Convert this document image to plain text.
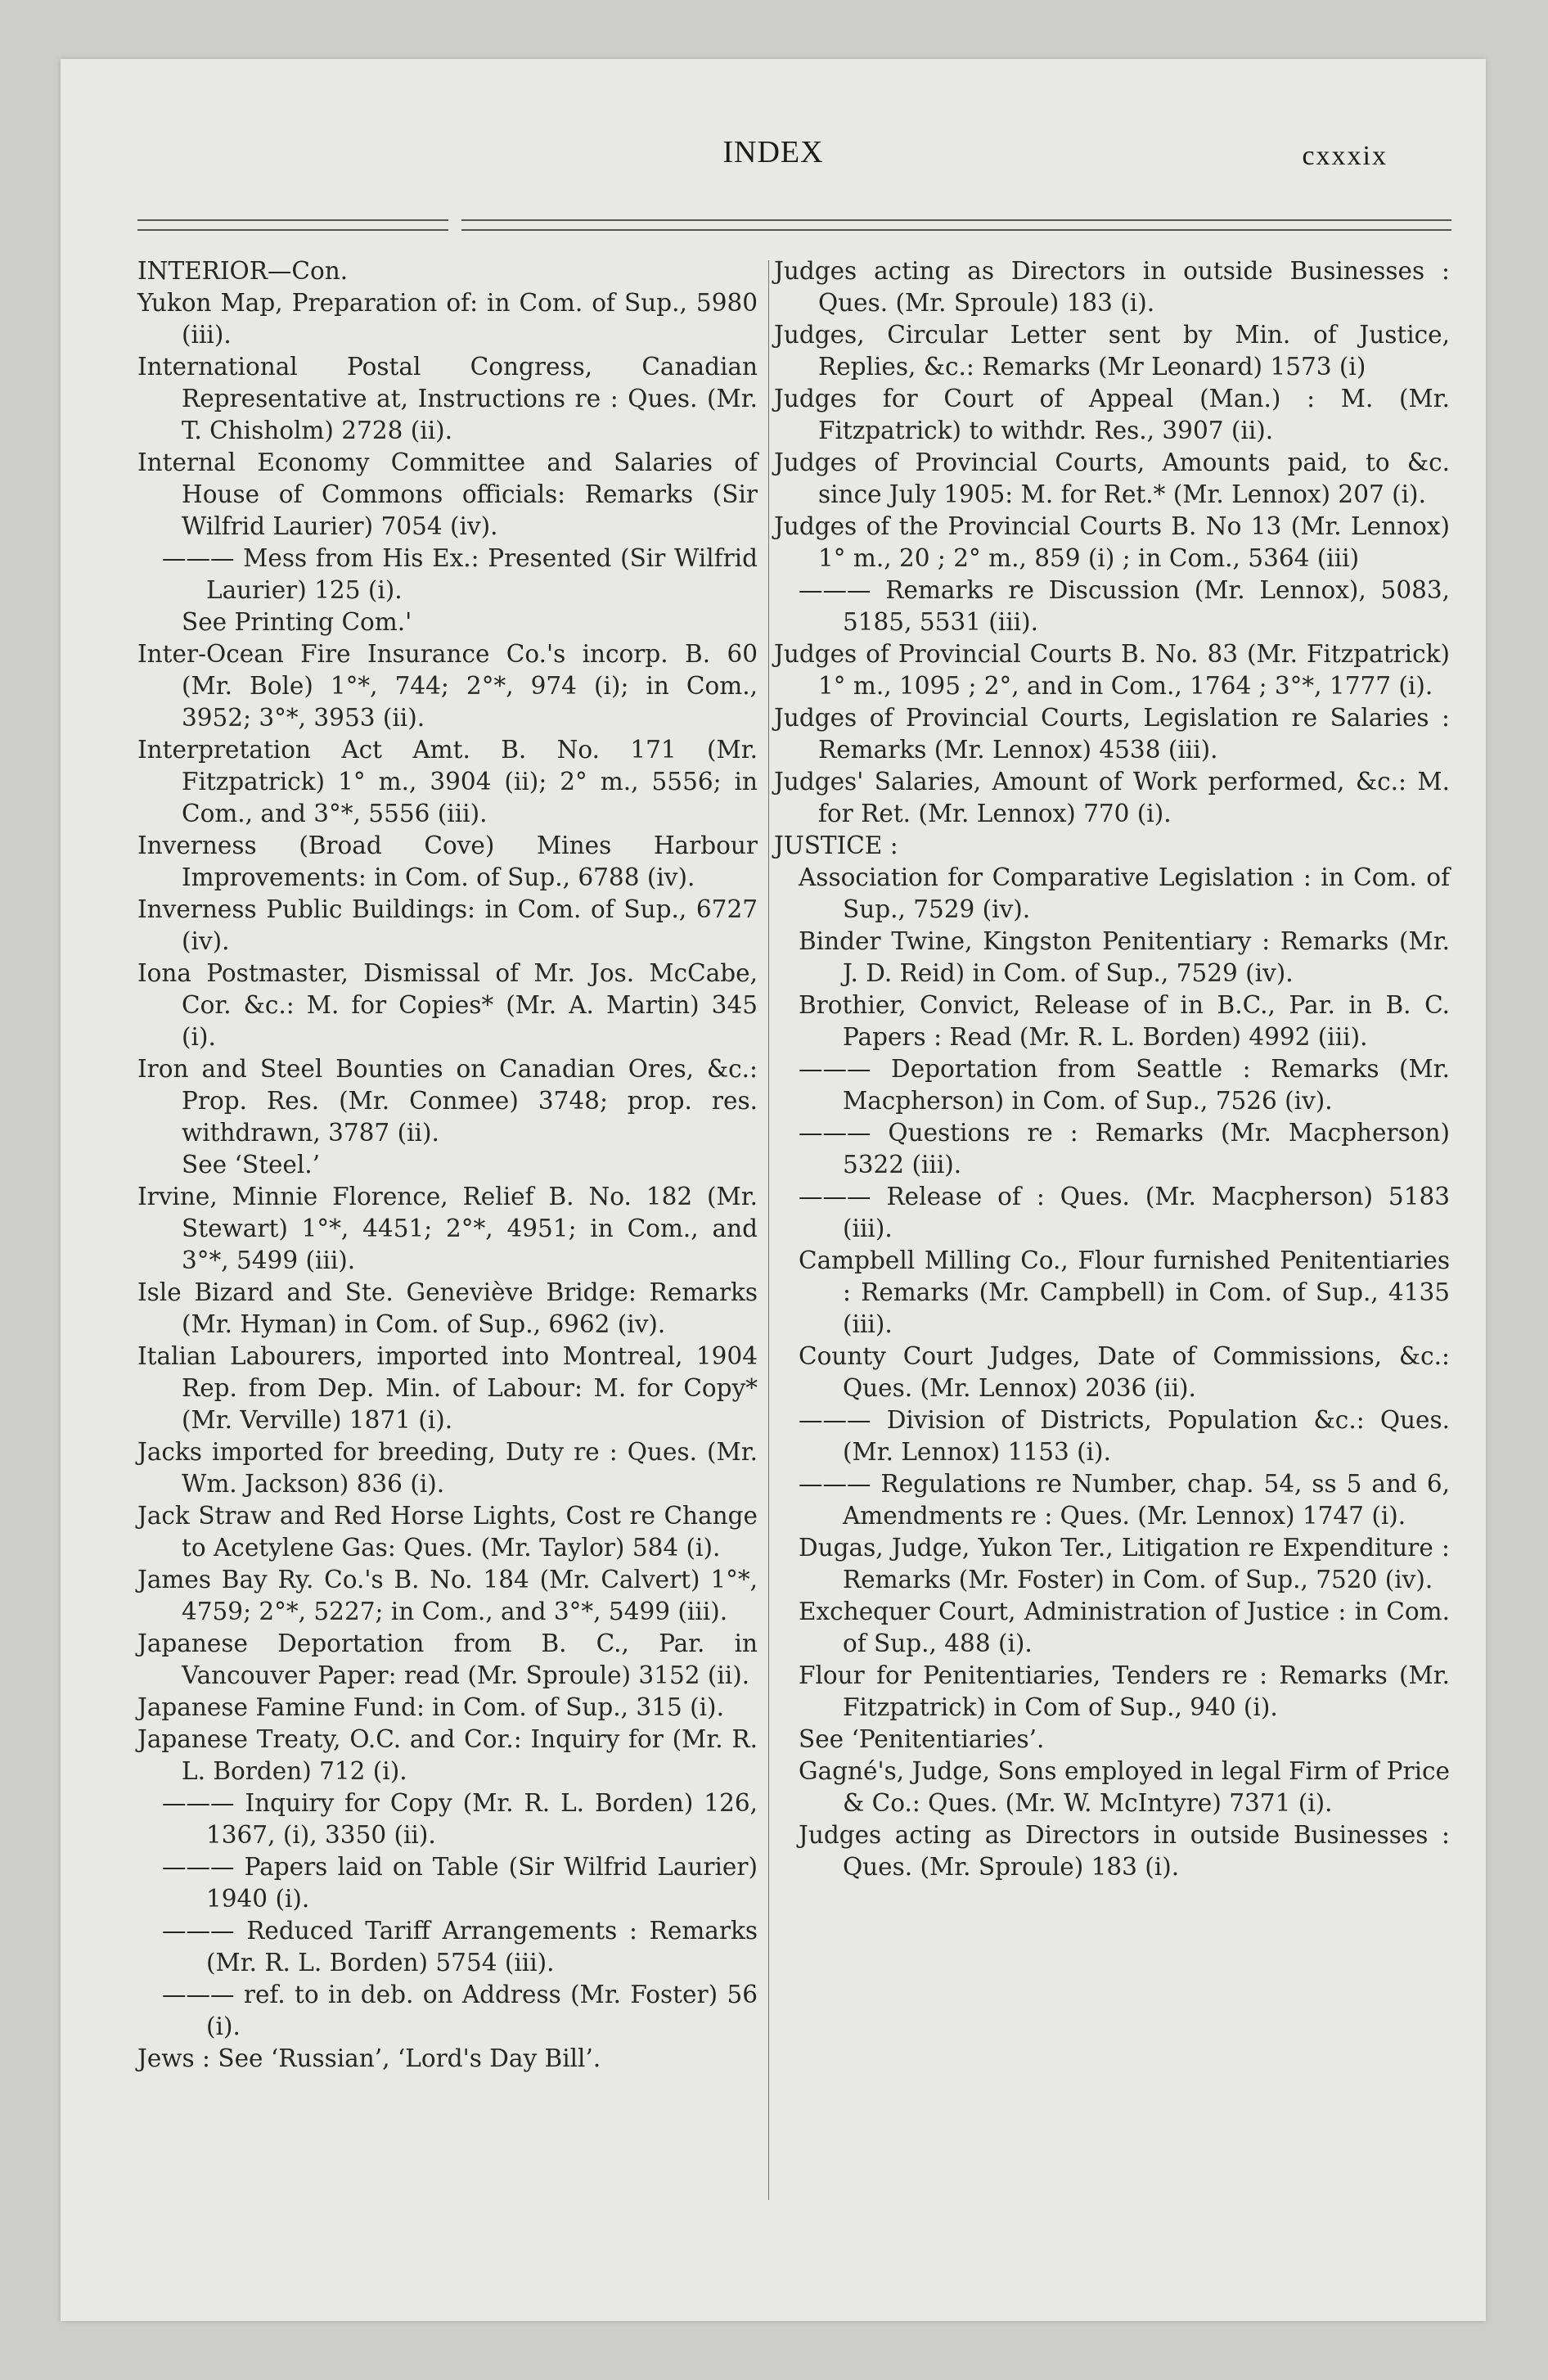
INDEX	cxxxix

INTERIOR—Con.

Yukon Map, Preparation of: in Com. of Sup., 5980 (iii).

International Postal Congress, Canadian Representative at, Instructions re : Ques. (Mr. T. Chisholm) 2728 (ii).

Internal Economy Committee and Salaries of House of Commons officials: Remarks (Sir Wilfrid Laurier) 7054 (iv).

——— Mess from His Ex.: Presented (Sir Wilfrid Laurier) 125 (i).

See Printing Com.'

Inter-Ocean Fire Insurance Co.'s incorp. B. 60 (Mr. Bole) 1°*, 744; 2°*, 974 (i); in Com., 3952; 3°*, 3953 (ii).

Interpretation Act Amt. B. No. 171 (Mr. Fitzpatrick) 1° m., 3904 (ii); 2° m., 5556; in Com., and 3°*, 5556 (iii).

Inverness (Broad Cove) Mines Harbour Improvements: in Com. of Sup., 6788 (iv).

Inverness Public Buildings: in Com. of Sup., 6727 (iv).

Iona Postmaster, Dismissal of Mr. Jos. McCabe, Cor. &c.: M. for Copies* (Mr. A. Martin) 345 (i).

Iron and Steel Bounties on Canadian Ores, &c.: Prop. Res. (Mr. Conmee) 3748; prop. res. withdrawn, 3787 (ii).

See ‘Steel.’

Irvine, Minnie Florence, Relief B. No. 182 (Mr. Stewart) 1°*, 4451; 2°*, 4951; in Com., and 3°*, 5499 (iii).

Isle Bizard and Ste. Geneviève Bridge: Remarks (Mr. Hyman) in Com. of Sup., 6962 (iv).

Italian Labourers, imported into Montreal, 1904 Rep. from Dep. Min. of Labour: M. for Copy* (Mr. Verville) 1871 (i).

Jacks imported for breeding, Duty re : Ques. (Mr. Wm. Jackson) 836 (i).

Jack Straw and Red Horse Lights, Cost re Change to Acetylene Gas: Ques. (Mr. Taylor) 584 (i).

James Bay Ry. Co.'s B. No. 184 (Mr. Calvert) 1°*, 4759; 2°*, 5227; in Com., and 3°*, 5499 (iii).

Japanese Deportation from B. C., Par. in Vancouver Paper: read (Mr. Sproule) 3152 (ii).

Japanese Famine Fund: in Com. of Sup., 315 (i).

Japanese Treaty, O.C. and Cor.: Inquiry for (Mr. R. L. Borden) 712 (i).

——— Inquiry for Copy (Mr. R. L. Borden) 126, 1367, (i), 3350 (ii).

——— Papers laid on Table (Sir Wilfrid Laurier) 1940 (i).

——— Reduced Tariff Arrangements : Remarks (Mr. R. L. Borden) 5754 (iii).

——— ref. to in deb. on Address (Mr. Foster) 56 (i).

Jews : See ‘Russian’, ‘Lord's Day Bill’.

Judges acting as Directors in outside Businesses : Ques. (Mr. Sproule) 183 (i).

Judges, Circular Letter sent by Min. of Justice, Replies, &c.: Remarks (Mr Leonard) 1573 (i)

Judges for Court of Appeal (Man.) : M. (Mr. Fitzpatrick) to withdr. Res., 3907 (ii).

Judges of Provincial Courts, Amounts paid, to &c. since July 1905: M. for Ret.* (Mr. Lennox) 207 (i).

Judges of the Provincial Courts B. No 13 (Mr. Lennox) 1° m., 20 ; 2° m., 859 (i) ; in Com., 5364 (iii)

——— Remarks re Discussion (Mr. Lennox), 5083, 5185, 5531 (iii).

Judges of Provincial Courts B. No. 83 (Mr. Fitzpatrick) 1° m., 1095 ; 2°, and in Com., 1764 ; 3°*, 1777 (i).

Judges of Provincial Courts, Legislation re Salaries : Remarks (Mr. Lennox) 4538 (iii).

Judges' Salaries, Amount of Work performed, &c.: M. for Ret. (Mr. Lennox) 770 (i).

JUSTICE :

Association for Comparative Legislation : in Com. of Sup., 7529 (iv).

Binder Twine, Kingston Penitentiary : Remarks (Mr. J. D. Reid) in Com. of Sup., 7529 (iv).

Brothier, Convict, Release of in B.C., Par. in B. C. Papers : Read (Mr. R. L. Borden) 4992 (iii).

——— Deportation from Seattle : Remarks (Mr. Macpherson) in Com. of Sup., 7526 (iv).

——— Questions re : Remarks (Mr. Macpherson) 5322 (iii).

——— Release of : Ques. (Mr. Macpherson) 5183 (iii).

Campbell Milling Co., Flour furnished Penitentiaries : Remarks (Mr. Campbell) in Com. of Sup., 4135 (iii).

County Court Judges, Date of Commissions, &c.: Ques. (Mr. Lennox) 2036 (ii).

——— Division of Districts, Population &c.: Ques. (Mr. Lennox) 1153 (i).

——— Regulations re Number, chap. 54, ss 5 and 6, Amendments re : Ques. (Mr. Lennox) 1747 (i).

Dugas, Judge, Yukon Ter., Litigation re Expenditure : Remarks (Mr. Foster) in Com. of Sup., 7520 (iv).

Exchequer Court, Administration of Justice : in Com. of Sup., 488 (i).

Flour for Penitentiaries, Tenders re : Remarks (Mr. Fitzpatrick) in Com of Sup., 940 (i).

See ‘Penitentiaries’.

Gagné's, Judge, Sons employed in legal Firm of Price & Co.: Ques. (Mr. W. McIntyre) 7371 (i).

Judges acting as Directors in outside Businesses : Ques. (Mr. Sproule) 183 (i).
